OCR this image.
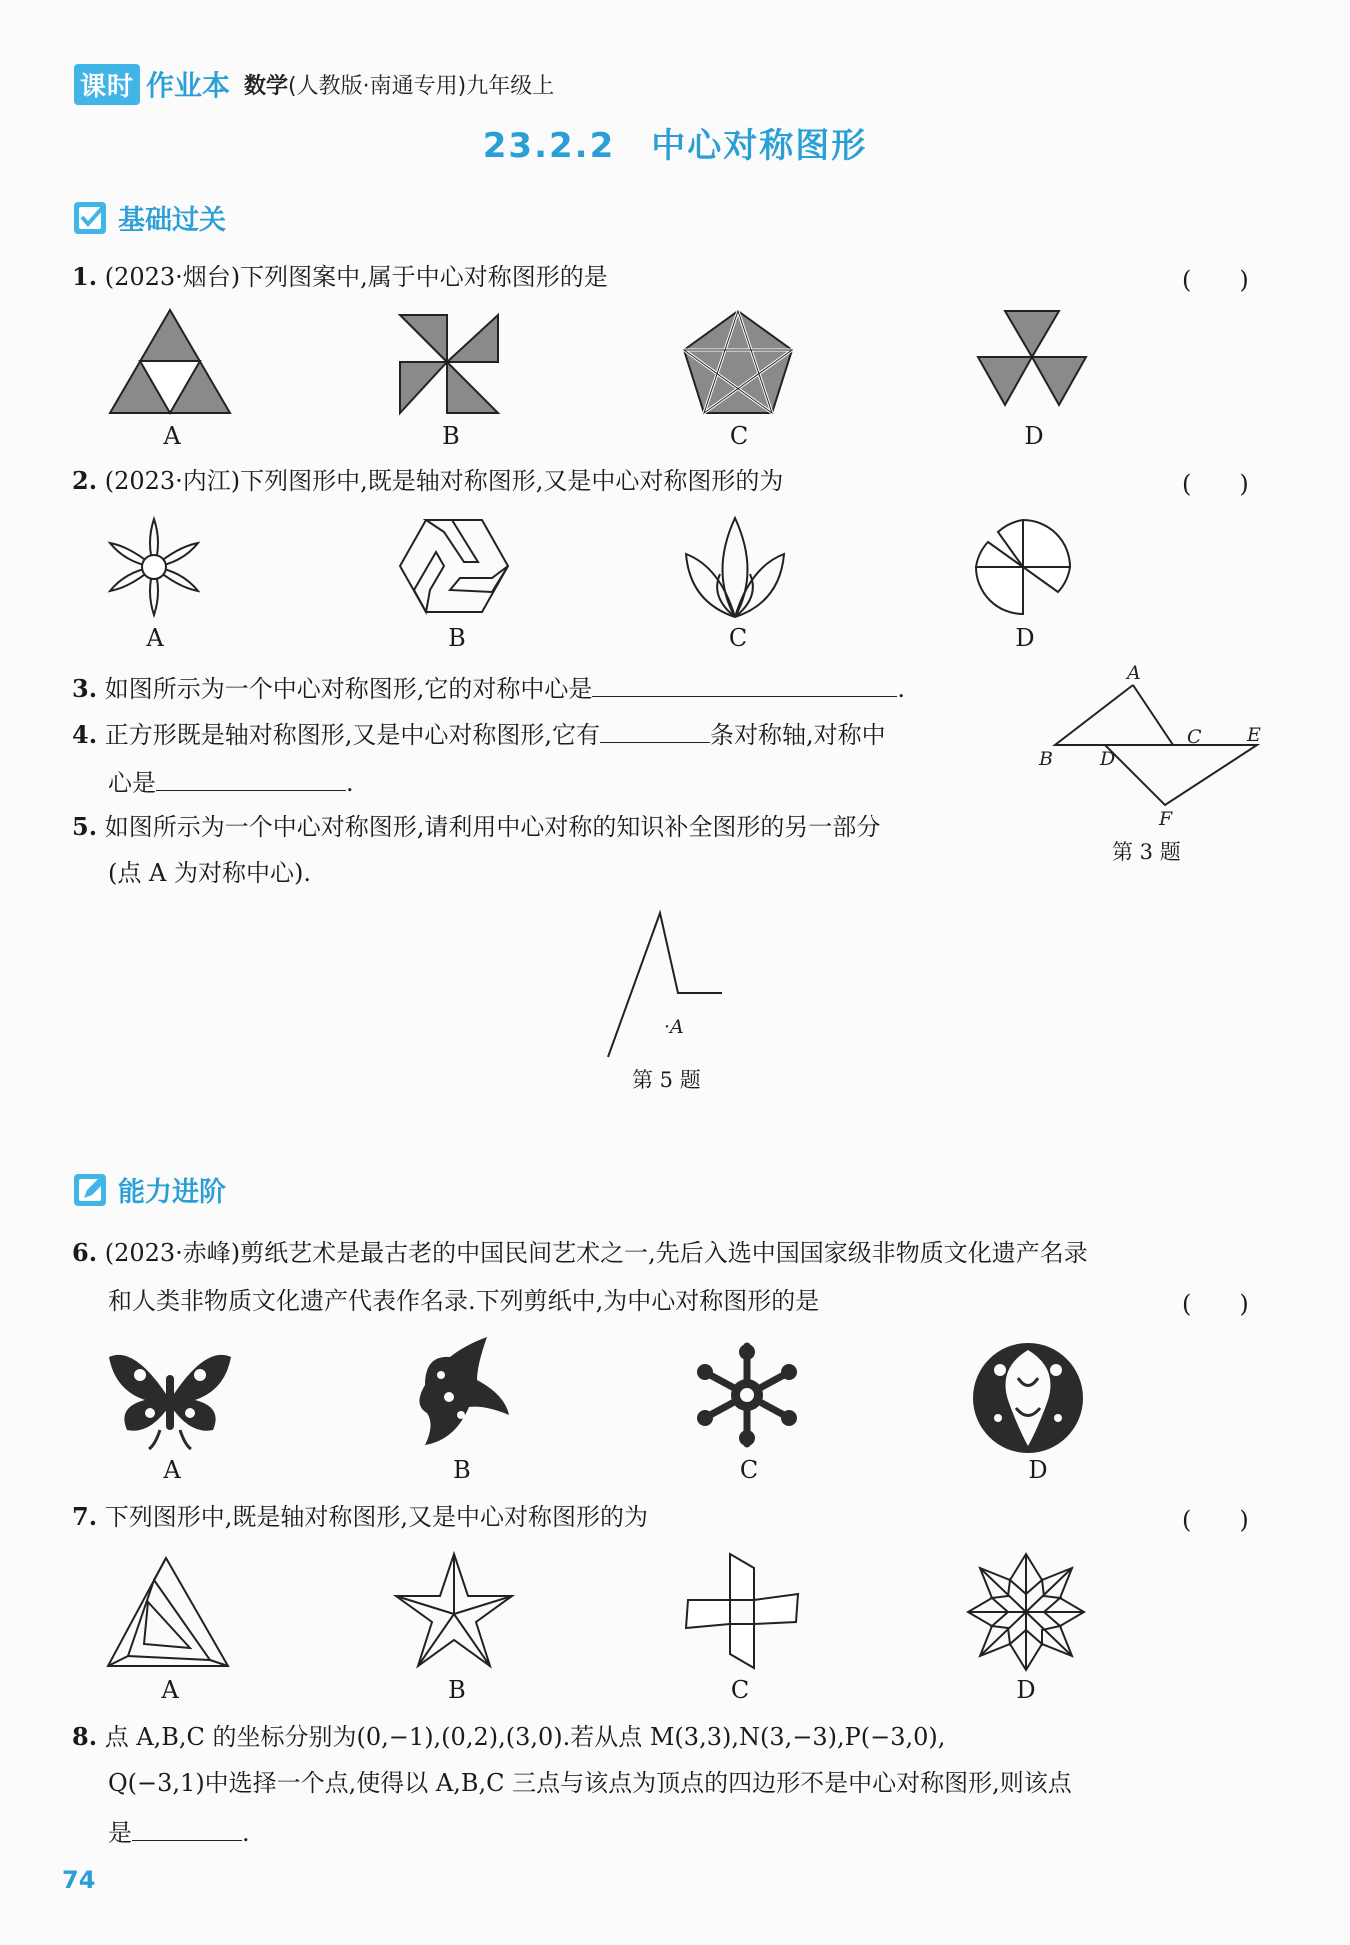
课时 作业本 数学(人教版·南通专用)九年级上
23.2.2　中心对称图形
基础过关
1. (2023·烟台)下列图案中,属于中心对称图形的是	(　　)
A	B	C	D
2. (2023·内江)下列图形中,既是轴对称图形,又是中心对称图形的为	(　　)
A	B	C	D
3. 如图所示为一个中心对称图形,它的对称中心是	.
4. 正方形既是轴对称图形,又是中心对称图形,它有	条对称轴,对称中
心是	.
5. 如图所示为一个中心对称图形,请利用中心对称的知识补全图形的另一部分
(点 A 为对称中心).
A
B
C
D
E
F
第 3 题
·A
第 5 题
能力进阶
6. (2023·赤峰)剪纸艺术是最古老的中国民间艺术之一,先后入选中国国家级非物质文化遗产名录
和人类非物质文化遗产代表作名录.下列剪纸中,为中心对称图形的是	(　　)
A	B	C	D
7. 下列图形中,既是轴对称图形,又是中心对称图形的为	(　　)
A	B	C	D
8. 点 A,B,C 的坐标分别为(0,−1),(0,2),(3,0).若从点 M(3,3),N(3,−3),P(−3,0),
Q(−3,1)中选择一个点,使得以 A,B,C 三点与该点为顶点的四边形不是中心对称图形,则该点
是	.
74
